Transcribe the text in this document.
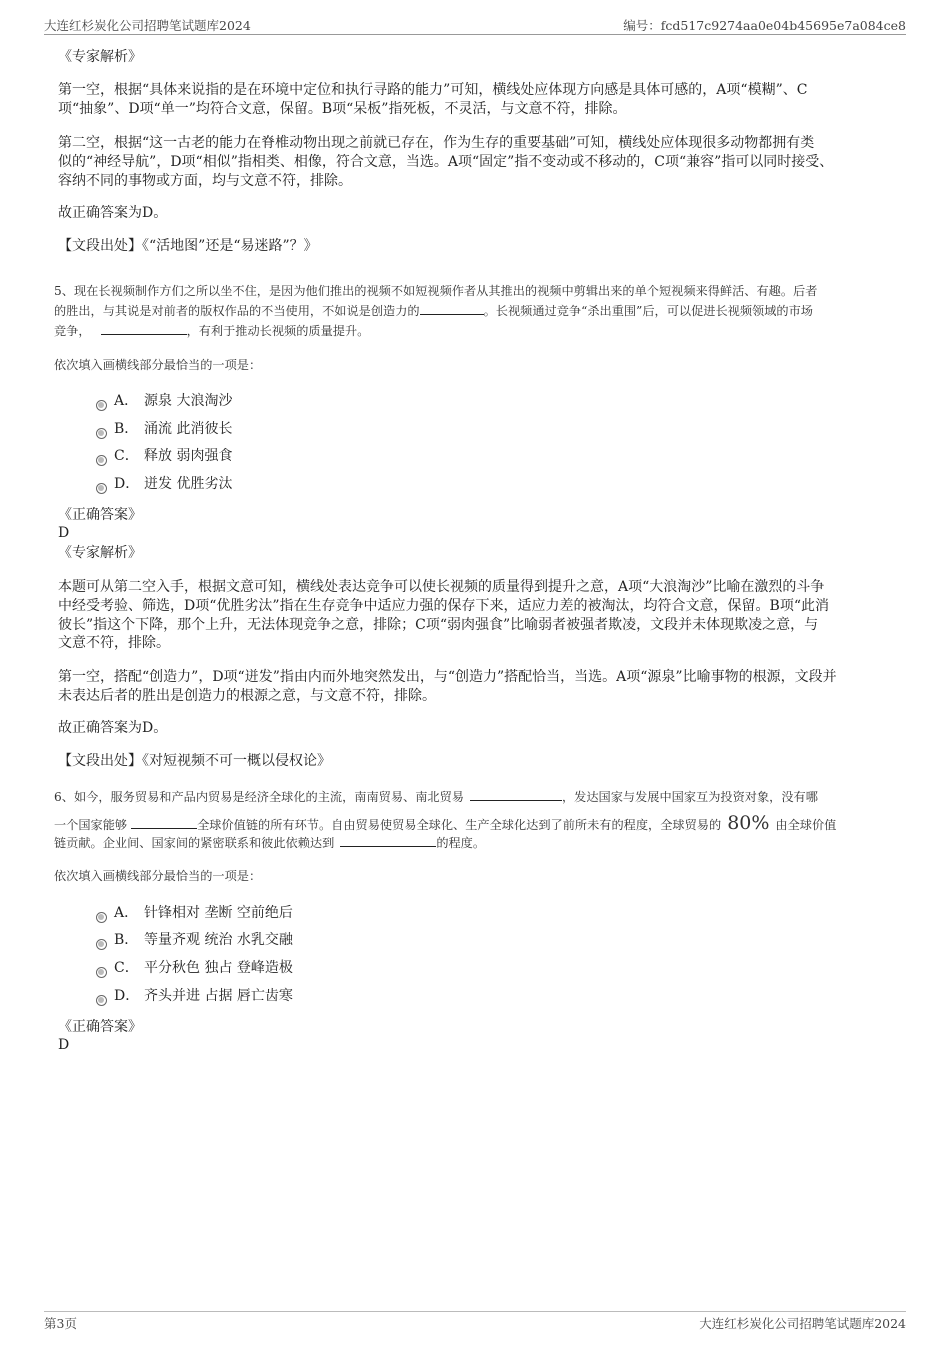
大连红杉炭化公司招聘笔试题库2024	编号：fcd517c9274aa0e04b45695e7a084ce8
《专家解析》
第一空，根据“具体来说指的是在环境中定位和执行寻路的能力”可知，横线处应体现方向感是具体可感的，A项“模糊”、C
项“抽象”、D项“单一”均符合文意，保留。B项“呆板”指死板，不灵活，与文意不符，排除。
第二空，根据“这一古老的能力在脊椎动物出现之前就已存在，作为生存的重要基础”可知，横线处应体现很多动物都拥有类
似的“神经导航”，D项“相似”指相类、相像，符合文意，当选。A项“固定”指不变动或不移动的，C项“兼容”指可以同时接受、
容纳不同的事物或方面，均与文意不符，排除。
故正确答案为D。
【文段出处】《“活地图”还是“易迷路”？》
5、现在长视频制作方们之所以坐不住，是因为他们推出的视频不如短视频作者从其推出的视频中剪辑出来的单个短视频来得鲜活、有趣。后者
的胜出，与其说是对前者的版权作品的不当使用，不如说是创造力的	。长视频通过竞争“杀出重围”后，可以促进长视频领域的市场
竞争，	，有利于推动长视频的质量提升。
依次填入画横线部分最恰当的一项是：
A． 源泉 大浪淘沙
B． 涌流 此消彼长
C． 释放 弱肉强食
D． 迸发 优胜劣汰
《正确答案》
D
《专家解析》
本题可从第二空入手，根据文意可知，横线处表达竞争可以使长视频的质量得到提升之意，A项“大浪淘沙”比喻在激烈的斗争
中经受考验、筛选，D项“优胜劣汰”指在生存竞争中适应力强的保存下来，适应力差的被淘汰，均符合文意，保留。B项“此消
彼长”指这个下降，那个上升，无法体现竞争之意，排除；C项“弱肉强食”比喻弱者被强者欺凌，文段并未体现欺凌之意，与
文意不符，排除。
第一空，搭配“创造力”，D项“迸发”指由内而外地突然发出，与“创造力”搭配恰当，当选。A项“源泉”比喻事物的根源，文段并
未表达后者的胜出是创造力的根源之意，与文意不符，排除。
故正确答案为D。
【文段出处】《对短视频不可一概以侵权论》
6、如今，服务贸易和产品内贸易是经济全球化的主流，南南贸易、南北贸易	，发达国家与发展中国家互为投资对象，没有哪
一个国家能够	全球价值链的所有环节。自由贸易使贸易全球化、生产全球化达到了前所未有的程度，全球贸易的 80% 由全球价值
链贡献。企业间、国家间的紧密联系和彼此依赖达到	的程度。
依次填入画横线部分最恰当的一项是：
A． 针锋相对 垄断 空前绝后
B． 等量齐观 统治 水乳交融
C． 平分秋色 独占 登峰造极
D． 齐头并进 占据 唇亡齿寒
《正确答案》
D
第3页	大连红杉炭化公司招聘笔试题库2024
